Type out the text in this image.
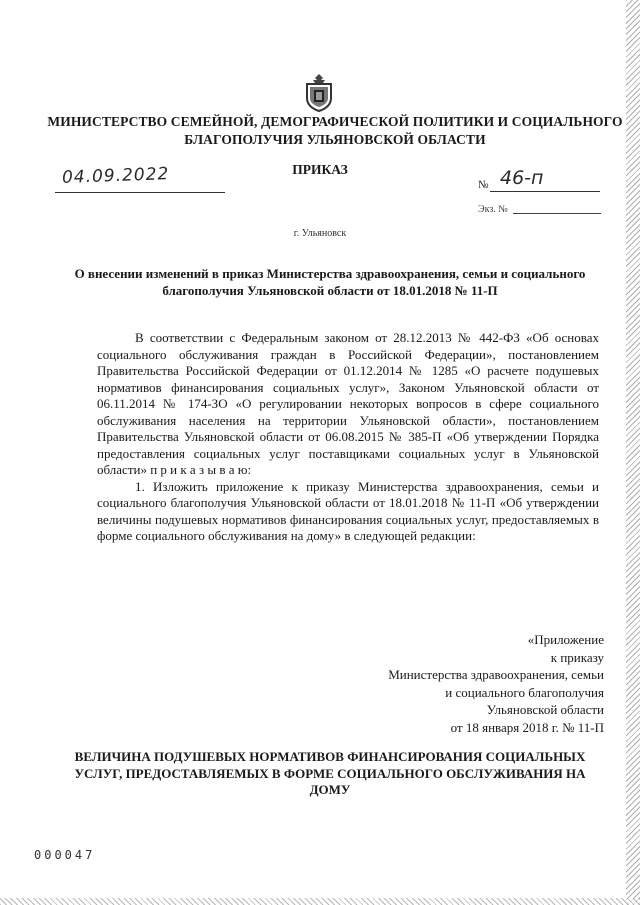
МИНИСТЕРСТВО СЕМЕЙНОЙ, ДЕМОГРАФИЧЕСКОЙ ПОЛИТИКИ И СОЦИАЛЬНОГО БЛАГОПОЛУЧИЯ УЛЬЯНОВСКОЙ ОБЛАСТИ
ПРИКАЗ
04.09.2022	№ 46-п
Экз. №
г. Ульяновск
О внесении изменений в приказ Министерства здравоохранения, семьи и социального благополучия Ульяновской области от 18.01.2018 № 11-П

В соответствии с Федеральным законом от 28.12.2013 № 442-ФЗ «Об основах социального обслуживания граждан в Российской Федерации», постановлением Правительства Российской Федерации от 01.12.2014 № 1285 «О расчете подушевых нормативов финансирования социальных услуг», Законом Ульяновской области от 06.11.2014 № 174-ЗО «О регулировании некоторых вопросов в сфере социального обслуживания населения на территории Ульяновской области», постановлением Правительства Ульяновской области от 06.08.2015 № 385-П «Об утверждении Порядка предоставления социальных услуг поставщиками социальных услуг в Ульяновской области» п р и к а з ы в а ю:

1. Изложить приложение к приказу Министерства здравоохранения, семьи и социального благополучия Ульяновской области от 18.01.2018 № 11-П «Об утверждении величины подушевых нормативов финансирования социальных услуг, предоставляемых в форме социального обслуживания на дому» в следующей редакции:

«Приложение
к приказу
Министерства здравоохранения, семьи
и социального благополучия
Ульяновской области
от 18 января 2018 г. № 11-П
ВЕЛИЧИНА ПОДУШЕВЫХ НОРМАТИВОВ ФИНАНСИРОВАНИЯ СОЦИАЛЬНЫХ УСЛУГ, ПРЕДОСТАВЛЯЕМЫХ В ФОРМЕ СОЦИАЛЬНОГО ОБСЛУЖИВАНИЯ НА ДОМУ
000047
